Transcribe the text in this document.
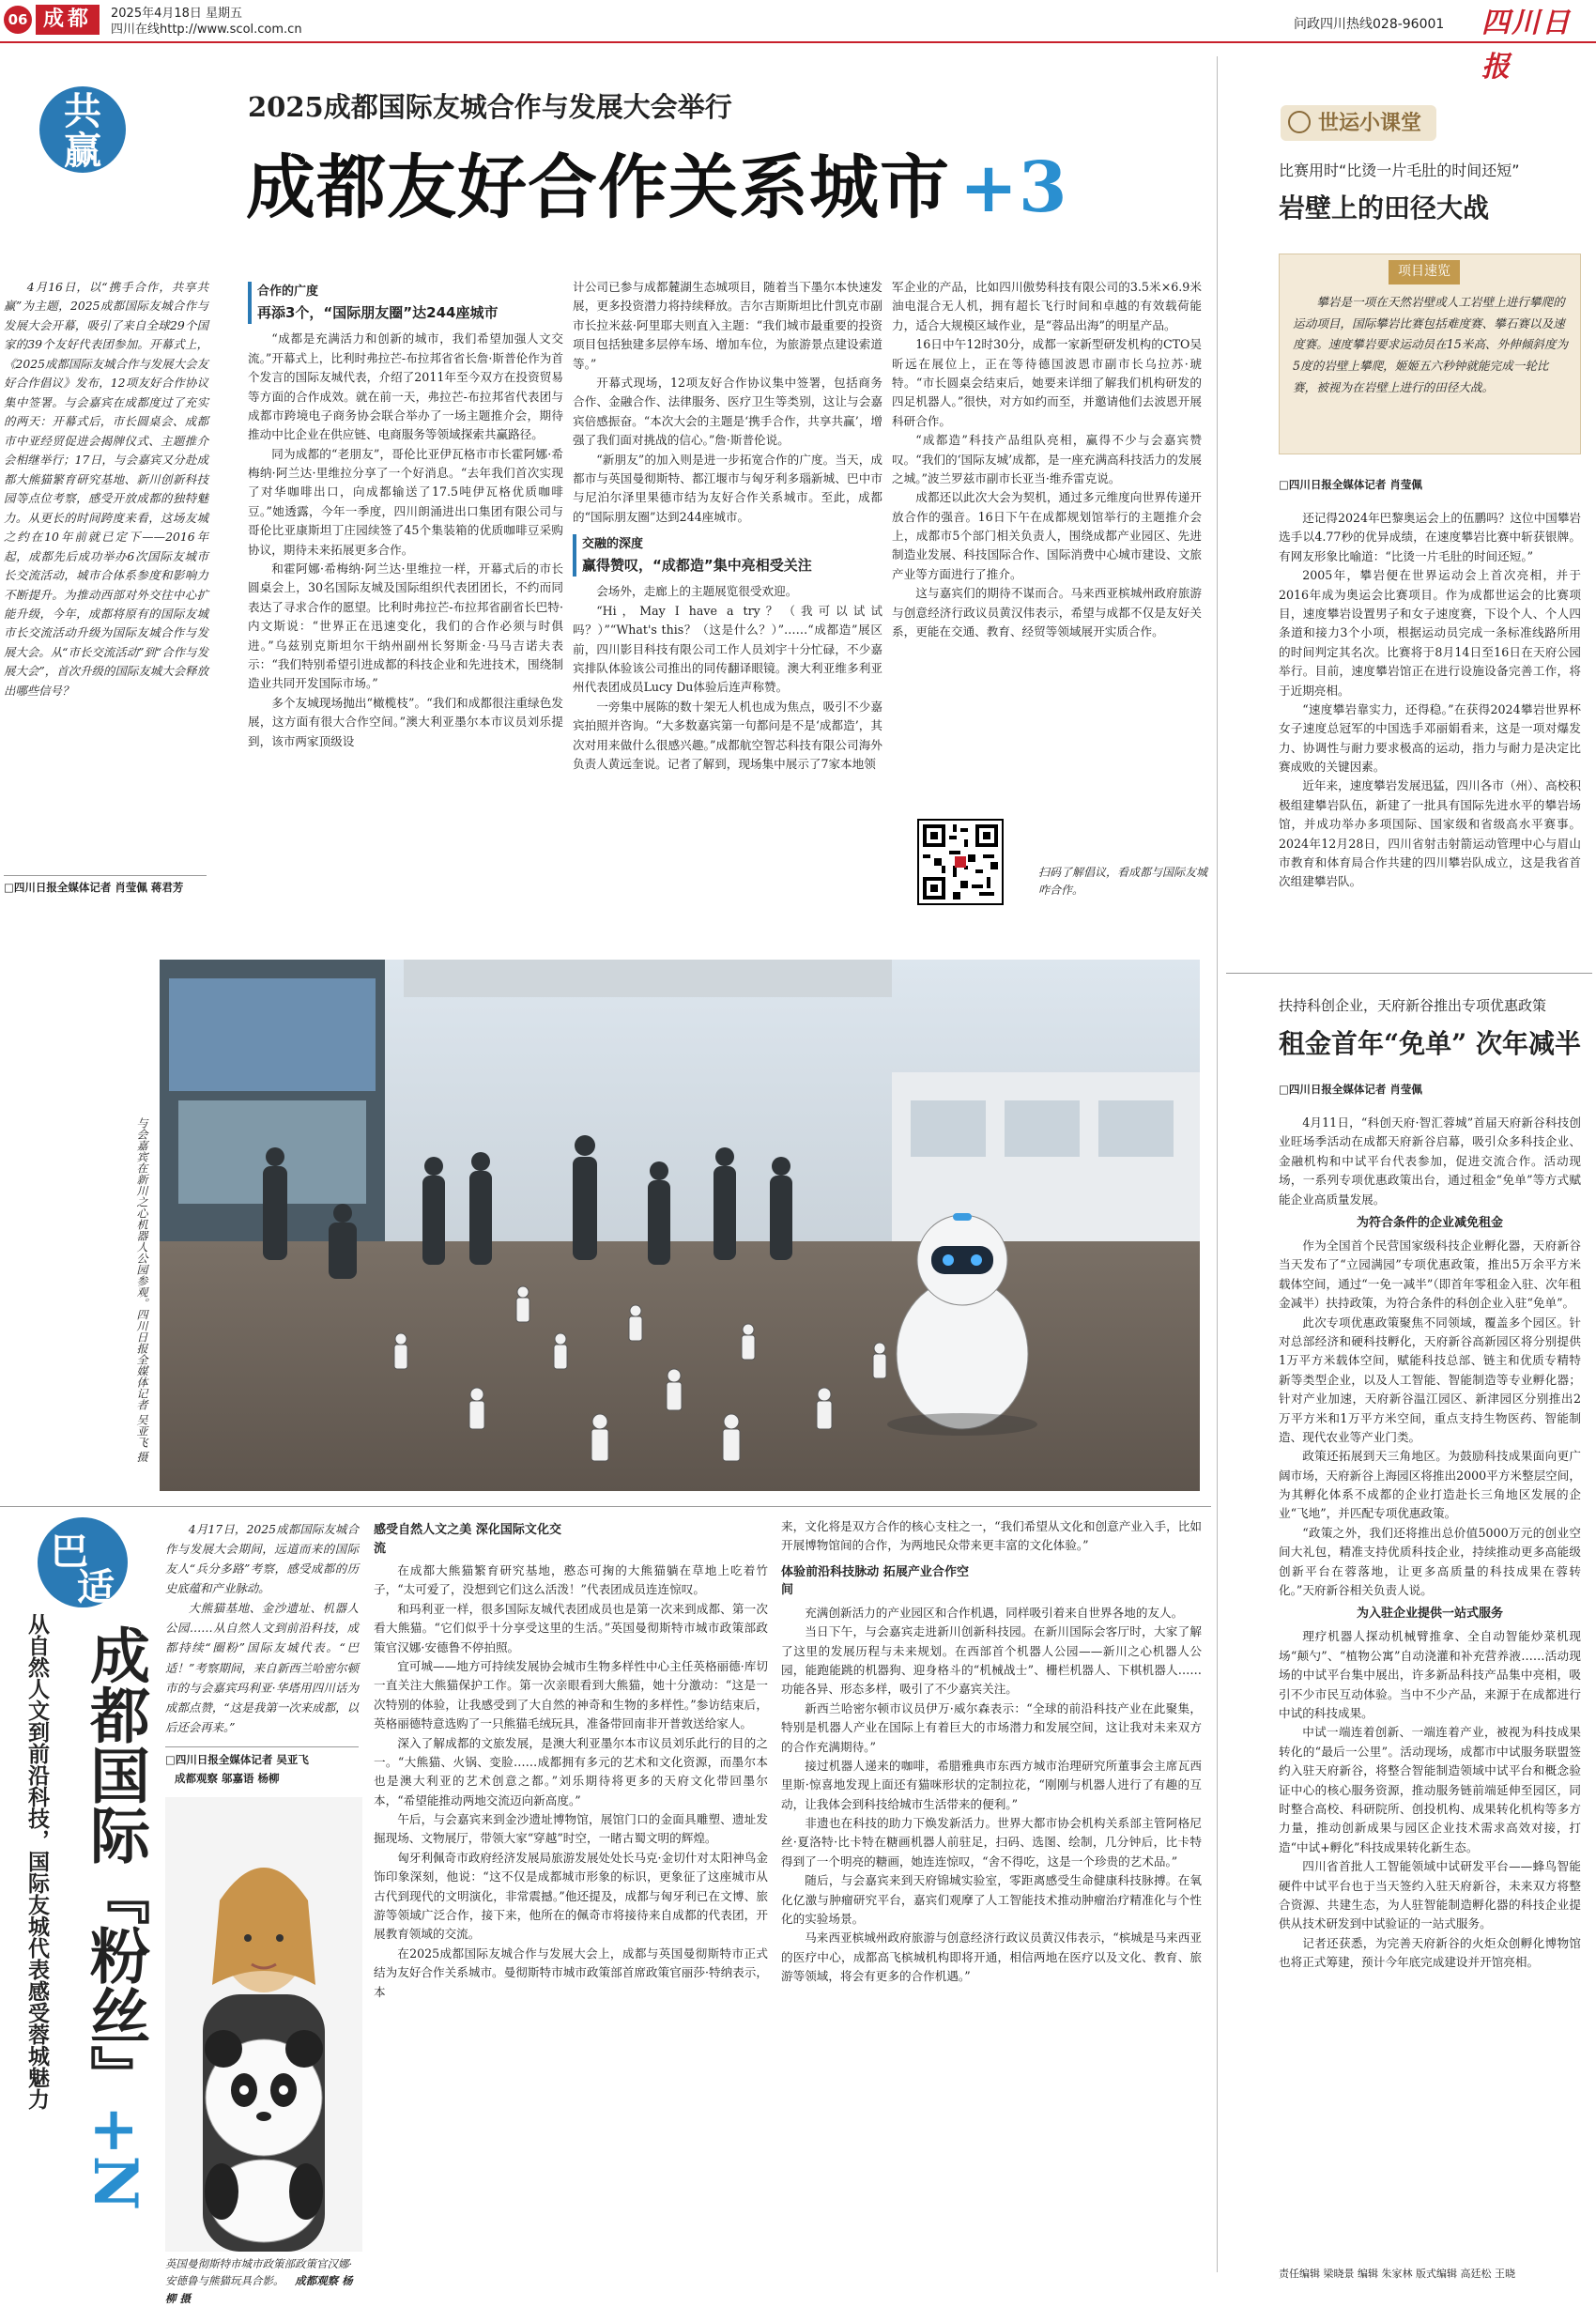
06 成都	2025年4月18日 星期五
四川在线http://www.scol.com.cn	问政四川热线028-96001 四川日报
共赢
2025成都国际友城合作与发展大会举行
成都友好合作关系城市 +3

4月16日，以“携手合作，共享共赢”为主题，2025成都国际友城合作与发展大会开幕，吸引了来自全球29个国家的39个友好代表团参加。开幕式上，《2025成都国际友城合作与发展大会友好合作倡议》发布，12项友好合作协议集中签署。与会嘉宾在成都度过了充实的两天：开幕式后，市长圆桌会、成都市中亚经贸促进会揭牌仪式、主题推介会相继举行；17日，与会嘉宾又分赴成都大熊猫繁育研究基地、新川创新科技园等点位考察，感受开放成都的独特魅力。从更长的时间跨度来看，这场友城之约在10年前就已定下——2016年起，成都先后成功举办6次国际友城市长交流活动，城市合体系参度和影响力不断提升。为推动西部对外交往中心扩能升级，今年，成都将原有的国际友城市长交流活动升级为国际友城合作与发展大会。从“市长交流活动”到“合作与发展大会”，首次升级的国际友城大会释放出哪些信号？

□四川日报全媒体记者 肖莹佩 蒋君芳
合作的广度
再添3个，“国际朋友圈”达244座城市

“成都是充满活力和创新的城市，我们希望加强人文交流。”开幕式上，比利时弗拉芒-布拉邦省省长詹·斯普伦作为首个发言的国际友城代表，介绍了2011年至今双方在投资贸易等方面的合作成效。就在前一天，弗拉芒-布拉邦省代表团与成都市跨境电子商务协会联合举办了一场主题推介会，期待推动中比企业在供应链、电商服务等领域探索共赢路径。

同为成都的“老朋友”，哥伦比亚伊瓦格市市长霍阿娜·希梅纳·阿兰达·里维拉分享了一个好消息。“去年我们首次实现了对华咖啡出口，向成都输送了17.5吨伊瓦格优质咖啡豆。”她透露，今年一季度，四川朗涌进出口集团有限公司与哥伦比亚康斯坦丁庄园续签了45个集装箱的优质咖啡豆采购协议，期待未来拓展更多合作。

和霍阿娜·希梅纳·阿兰达·里维拉一样，开幕式后的市长圆桌会上，30名国际友城及国际组织代表团团长，不约而同表达了寻求合作的愿望。比利时弗拉芒-布拉邦省副省长巴特·内文斯说：“世界正在迅速变化，我们的合作必须与时俱进。”乌兹别克斯坦尔干纳州副州长努斯金·马马吉诺夫表示：“我们特别希望引进成都的科技企业和先进技术，围绕制造业共同开发国际市场。”

多个友城现场抛出“橄榄枝”。“我们和成都很注重绿色发展，这方面有很大合作空间。”澳大利亚墨尔本市议员刘乐提到，该市两家顶级设

计公司已参与成都麓湖生态城项目，随着当下墨尔本快速发展，更多投资潜力将持续释放。吉尔吉斯斯坦比什凯克市副市长拉米兹·阿里耶夫则直入主题：“我们城市最重要的投资项目包括独建多层停车场、增加车位，为旅游景点建设索道等。”

开幕式现场，12项友好合作协议集中签署，包括商务合作、金融合作、法律服务、医疗卫生等类别，这让与会嘉宾倍感振奋。“本次大会的主题是‘携手合作，共享共赢’，增强了我们面对挑战的信心。”詹·斯普伦说。

“新朋友”的加入则是进一步拓宽合作的广度。当天，成都市与英国曼彻斯特、都江堰市与匈牙利多瑙新城、巴中市与尼泊尔泽里果德市结为友好合作关系城市。至此，成都的“国际朋友圈”达到244座城市。

交融的深度
赢得赞叹，“成都造”集中亮相受关注

会场外，走廊上的主题展览很受欢迎。

“Hi，May I have a try？（我可以试试吗？）”“What's this？（这是什么？）”……“成都造”展区前，四川影目科技有限公司工作人员刘宇十分忙碌，不少嘉宾排队体验该公司推出的同传翻译眼镜。澳大利亚维多利亚州代表团成员Lucy Du体验后连声称赞。

一旁集中展陈的数十架无人机也成为焦点，吸引不少嘉宾拍照并咨询。“大多数嘉宾第一句都问是不是‘成都造’，其次对用来做什么很感兴趣。”成都航空智芯科技有限公司海外负责人黄远奎说。记者了解到，现场集中展示了7家本地领

军企业的产品，比如四川傲势科技有限公司的3.5米×6.9米油电混合无人机，拥有超长飞行时间和卓越的有效载荷能力，适合大规模区域作业，是“蓉品出海”的明星产品。

16日中午12时30分，成都一家新型研发机构的CTO吴昕远在展位上，正在等待德国波恩市副市长乌拉苏·琥特。“市长圆桌会结束后，她要来详细了解我们机构研发的四足机器人。”很快，对方如约而至，并邀请他们去波恩开展科研合作。

“成都造”科技产品组队亮相，赢得不少与会嘉宾赞叹。“我们的‘国际友城’成都，是一座充满高科技活力的发展之城。”波兰罗兹市副市长亚当·维乔雷克说。

成都还以此次大会为契机，通过多元维度向世界传递开放合作的强音。16日下午在成都规划馆举行的主题推介会上，成都市5个部门相关负责人，围绕成都产业园区、先进制造业发展、科技国际合作、国际消费中心城市建设、文旅产业等方面进行了推介。

这与嘉宾们的期待不谋而合。马来西亚槟城州政府旅游与创意经济行政议员黄汉伟表示，希望与成都不仅是友好关系，更能在交通、教育、经贸等领域展开实质合作。

扫码了解倡议，看成都与国际友城咋合作。
与会嘉宾在新川之心机器人公园参观。四川日报全媒体记者 吴亚飞 摄
世运小课堂
比赛用时“比烫一片毛肚的时间还短”
岩壁上的田径大战
项目速览
攀岩是一项在天然岩壁或人工岩壁上进行攀爬的运动项目，国际攀岩比赛包括难度赛、攀石赛以及速度赛。速度攀岩要求运动员在15米高、外伸倾斜度为5度的岩壁上攀爬，姬姬五六秒钟就能完成一轮比赛，被视为在岩壁上进行的田径大战。
□四川日报全媒体记者 肖莹佩

还记得2024年巴黎奥运会上的伍鹏吗？这位中国攀岩选手以4.77秒的优异成绩，在速度攀岩比赛中斩获银牌。有网友形象比喻道：“比烫一片毛肚的时间还短。”

2005年，攀岩便在世界运动会上首次亮相，并于2016年成为奥运会比赛项目。作为成都世运会的比赛项目，速度攀岩设置男子和女子速度赛，下设个人、个人四条道和接力3个小项，根据运动员完成一条标准线路所用的时间判定其名次。比赛将于8月14日至16日在天府公园举行。目前，速度攀岩馆正在进行设施设备完善工作，将于近期亮相。

“速度攀岩靠实力，还得稳。”在获得2024攀岩世界杯女子速度总冠军的中国选手邓丽娟看来，这是一项对爆发力、协调性与耐力要求极高的运动，指力与耐力是决定比赛成败的关键因素。

近年来，速度攀岩发展迅猛，四川各市（州）、高校积极组建攀岩队伍，新建了一批具有国际先进水平的攀岩场馆，并成功举办多项国际、国家级和省级高水平赛事。2024年12月28日，四川省射击射箭运动管理中心与眉山市教育和体育局合作共建的四川攀岩队成立，这是我省首次组建攀岩队。

扶持科创企业，天府新谷推出专项优惠政策
租金首年“免单” 次年减半
□四川日报全媒体记者 肖莹佩

4月11日，“科创天府·智汇蓉城”首届天府新谷科技创业旺场季活动在成都天府新谷启幕，吸引众多科技企业、金融机构和中试平台代表参加，促进交流合作。活动现场，一系列专项优惠政策出台，通过租金“免单”等方式赋能企业高质量发展。

为符合条件的企业减免租金

作为全国首个民营国家级科技企业孵化器，天府新谷当天发布了“立园满园”专项优惠政策，推出5万余平方米载体空间，通过“一免一减半”（即首年零租金入驻、次年租金减半）扶持政策，为符合条件的科创企业入驻“免单”。

此次专项优惠政策聚焦不同领域，覆盖多个园区。针对总部经济和硬科技孵化，天府新谷高新园区将分别提供1万平方米载体空间，赋能科技总部、链主和优质专精特新等类型企业，以及人工智能、智能制造等专业孵化器；针对产业加速，天府新谷温江园区、新津园区分别推出2万平方米和1万平方米空间，重点支持生物医药、智能制造、现代农业等产业门类。

政策还拓展到天三角地区。为鼓励科技成果面向更广阔市场，天府新谷上海园区将推出2000平方米整层空间，为其孵化体系不成都的企业打造赴长三角地区发展的企业“飞地”，并匹配专项优惠政策。

“政策之外，我们还将推出总价值5000万元的创业空间大礼包，精准支持优质科技企业，持续推动更多高能级创新平台在蓉落地，让更多高质量的科技成果在蓉转化。”天府新谷相关负责人说。

为入驻企业提供一站式服务

理疗机器人探动机械臂推拿、全自动智能炒菜机现场“颠勺”、“植物公寓”自动浇灌和补充营养液……活动现场的中试平台集中展出，许多新品科技产品集中亮相，吸引不少市民互动体验。当中不少产品，来源于在成都进行中试的科技成果。

中试一端连着创新、一端连着产业，被视为科技成果转化的“最后一公里”。活动现场，成都市中试服务联盟签约入驻天府新谷，将整合智能制造领域中试平台和概念验证中心的核心服务资源，推动服务链前端延伸至园区，同时整合高校、科研院所、创投机构、成果转化机构等多方力量，推动创新成果与园区企业技术需求高效对接，打造“中试+孵化”科技成果转化新生态。

四川省首批人工智能领域中试研发平台——蜂鸟智能硬件中试平台也于当天签约入驻天府新谷，未来双方将整合资源、共建生态，为人驻智能制造孵化器的科技企业提供从技术研发到中试验证的一站式服务。

记者还获悉，为完善天府新谷的火炬众创孵化博物馆也将正式筹建，预计今年底完成建设并开馆亮相。

责任编辑 梁晓景 编辑 朱家林 版式编辑 高廷松 王晓
巴
适
从自然人文到前沿科技，国际友城代表感受蓉城魅力 成都国际『粉丝』+N

4月17日，2025成都国际友城合作与发展大会期间，远道而来的国际友人“兵分多路”考察，感受成都的历史底蕴和产业脉动。

大熊猫基地、金沙遗址、机器人公园……从自然人文到前沿科技，成都持续“圈粉”国际友城代表。“巴适！”考察期间，来自新西兰哈密尔顿市的与会嘉宾玛利亚·华塔用四川话为成都点赞，“这是我第一次来成都，以后还会再来。”

□四川日报全媒体记者 吴亚飞
成都观察 邬嘉语 杨柳
英国曼彻斯特市城市政策部政策官汉娜·安德鲁与熊猫玩具合影。 成都观察 杨柳 摄
感受自然人文之美 深化国际文化交流

在成都大熊猫繁育研究基地，憨态可掬的大熊猫躺在草地上吃着竹子，“太可爱了，没想到它们这么活泼！”代表团成员连连惊叹。

和玛利亚一样，很多国际友城代表团成员也是第一次来到成都、第一次看大熊猫。“它们似乎十分享受这里的生活。”英国曼彻斯特市城市政策部政策官汉娜·安德鲁不停拍照。

宜可城——地方可持续发展协会城市生物多样性中心主任英格丽德·库切一直关注大熊猫保护工作。第一次亲眼看到大熊猫，她十分激动：“这是一次特别的体验，让我感受到了大自然的神奇和生物的多样性。”参访结束后，英格丽德特意选购了一只熊猫毛绒玩具，准备带回南非开普敦送给家人。

深入了解成都的文旅发展，是澳大利亚墨尔本市议员刘乐此行的目的之一。“大熊猫、火锅、变脸……成都拥有多元的艺术和文化资源，而墨尔本也是澳大利亚的艺术创意之都。”刘乐期待将更多的天府文化带回墨尔本，“希望能推动两地交流迈向新高度。”

午后，与会嘉宾来到金沙遗址博物馆，展馆门口的金面具雕塑、遗址发掘现场、文物展厅，带领大家“穿越”时空，一睹古蜀文明的辉煌。

匈牙利佩奇市政府经济发展局旅游发展处处长马克·金切什对太阳神鸟金饰印象深刻，他说：“这不仅是成都城市形象的标识，更象征了这座城市从古代到现代的文明演化，非常震撼。”他还提及，成都与匈牙利已在文博、旅游等领域广泛合作，接下来，他所在的佩奇市将接待来自成都的代表团，开展教育领域的交流。

在2025成都国际友城合作与发展大会上，成都与英国曼彻斯特市正式结为友好合作关系城市。曼彻斯特市城市政策部首席政策官丽莎·特纳表示，本

来，文化将是双方合作的核心支柱之一，“我们希望从文化和创意产业入手，比如开展博物馆间的合作，为两地民众带来更丰富的文化体验。”

体验前沿科技脉动 拓展产业合作空间

充满创新活力的产业园区和合作机遇，同样吸引着来自世界各地的友人。

当日下午，与会嘉宾走进新川创新科技园。在新川国际会客厅时，大家了解了这里的发展历程与未来规划。在西部首个机器人公园——新川之心机器人公园，能跑能跳的机器狗、迎身格斗的“机械战士”、栅栏机器人、下棋机器人……功能各异、形态多样，吸引了不少嘉宾关注。

新西兰哈密尔顿市议员伊万·威尔森表示：“全球的前沿科技产业在此聚集，特别是机器人产业在国际上有着巨大的市场潜力和发展空间，这让我对未来双方的合作充满期待。”

接过机器人递来的咖啡，希腊雅典市东西方城市治理研究所董事会主席瓦西里斯·惊喜地发现上面还有猫咪形状的定制拉花，“刚刚与机器人进行了有趣的互动，让我体会到科技给城市生活带来的便利。”

非遗也在科技的助力下焕发新活力。世界大都市协会机构关系部主管阿格尼丝·夏洛特·比卡特在糖画机器人前驻足，扫码、选图、绘制，几分钟后，比卡特得到了一个明亮的糖画，她连连惊叹，“舍不得吃，这是一个珍贵的艺术品。”

随后，与会嘉宾来到天府锦城实验室，零距离感受生命健康科技脉搏。在氧化亿激与肿瘤研究平台，嘉宾们观摩了人工智能技术推动肿瘤治疗精准化与个性化的实验场景。

马来西亚槟城州政府旅游与创意经济行政议员黄汉伟表示，“槟城是马来西亚的医疗中心，成都高飞槟城机构即将开通，相信两地在医疗以及文化、教育、旅游等领域，将会有更多的合作机遇。”
